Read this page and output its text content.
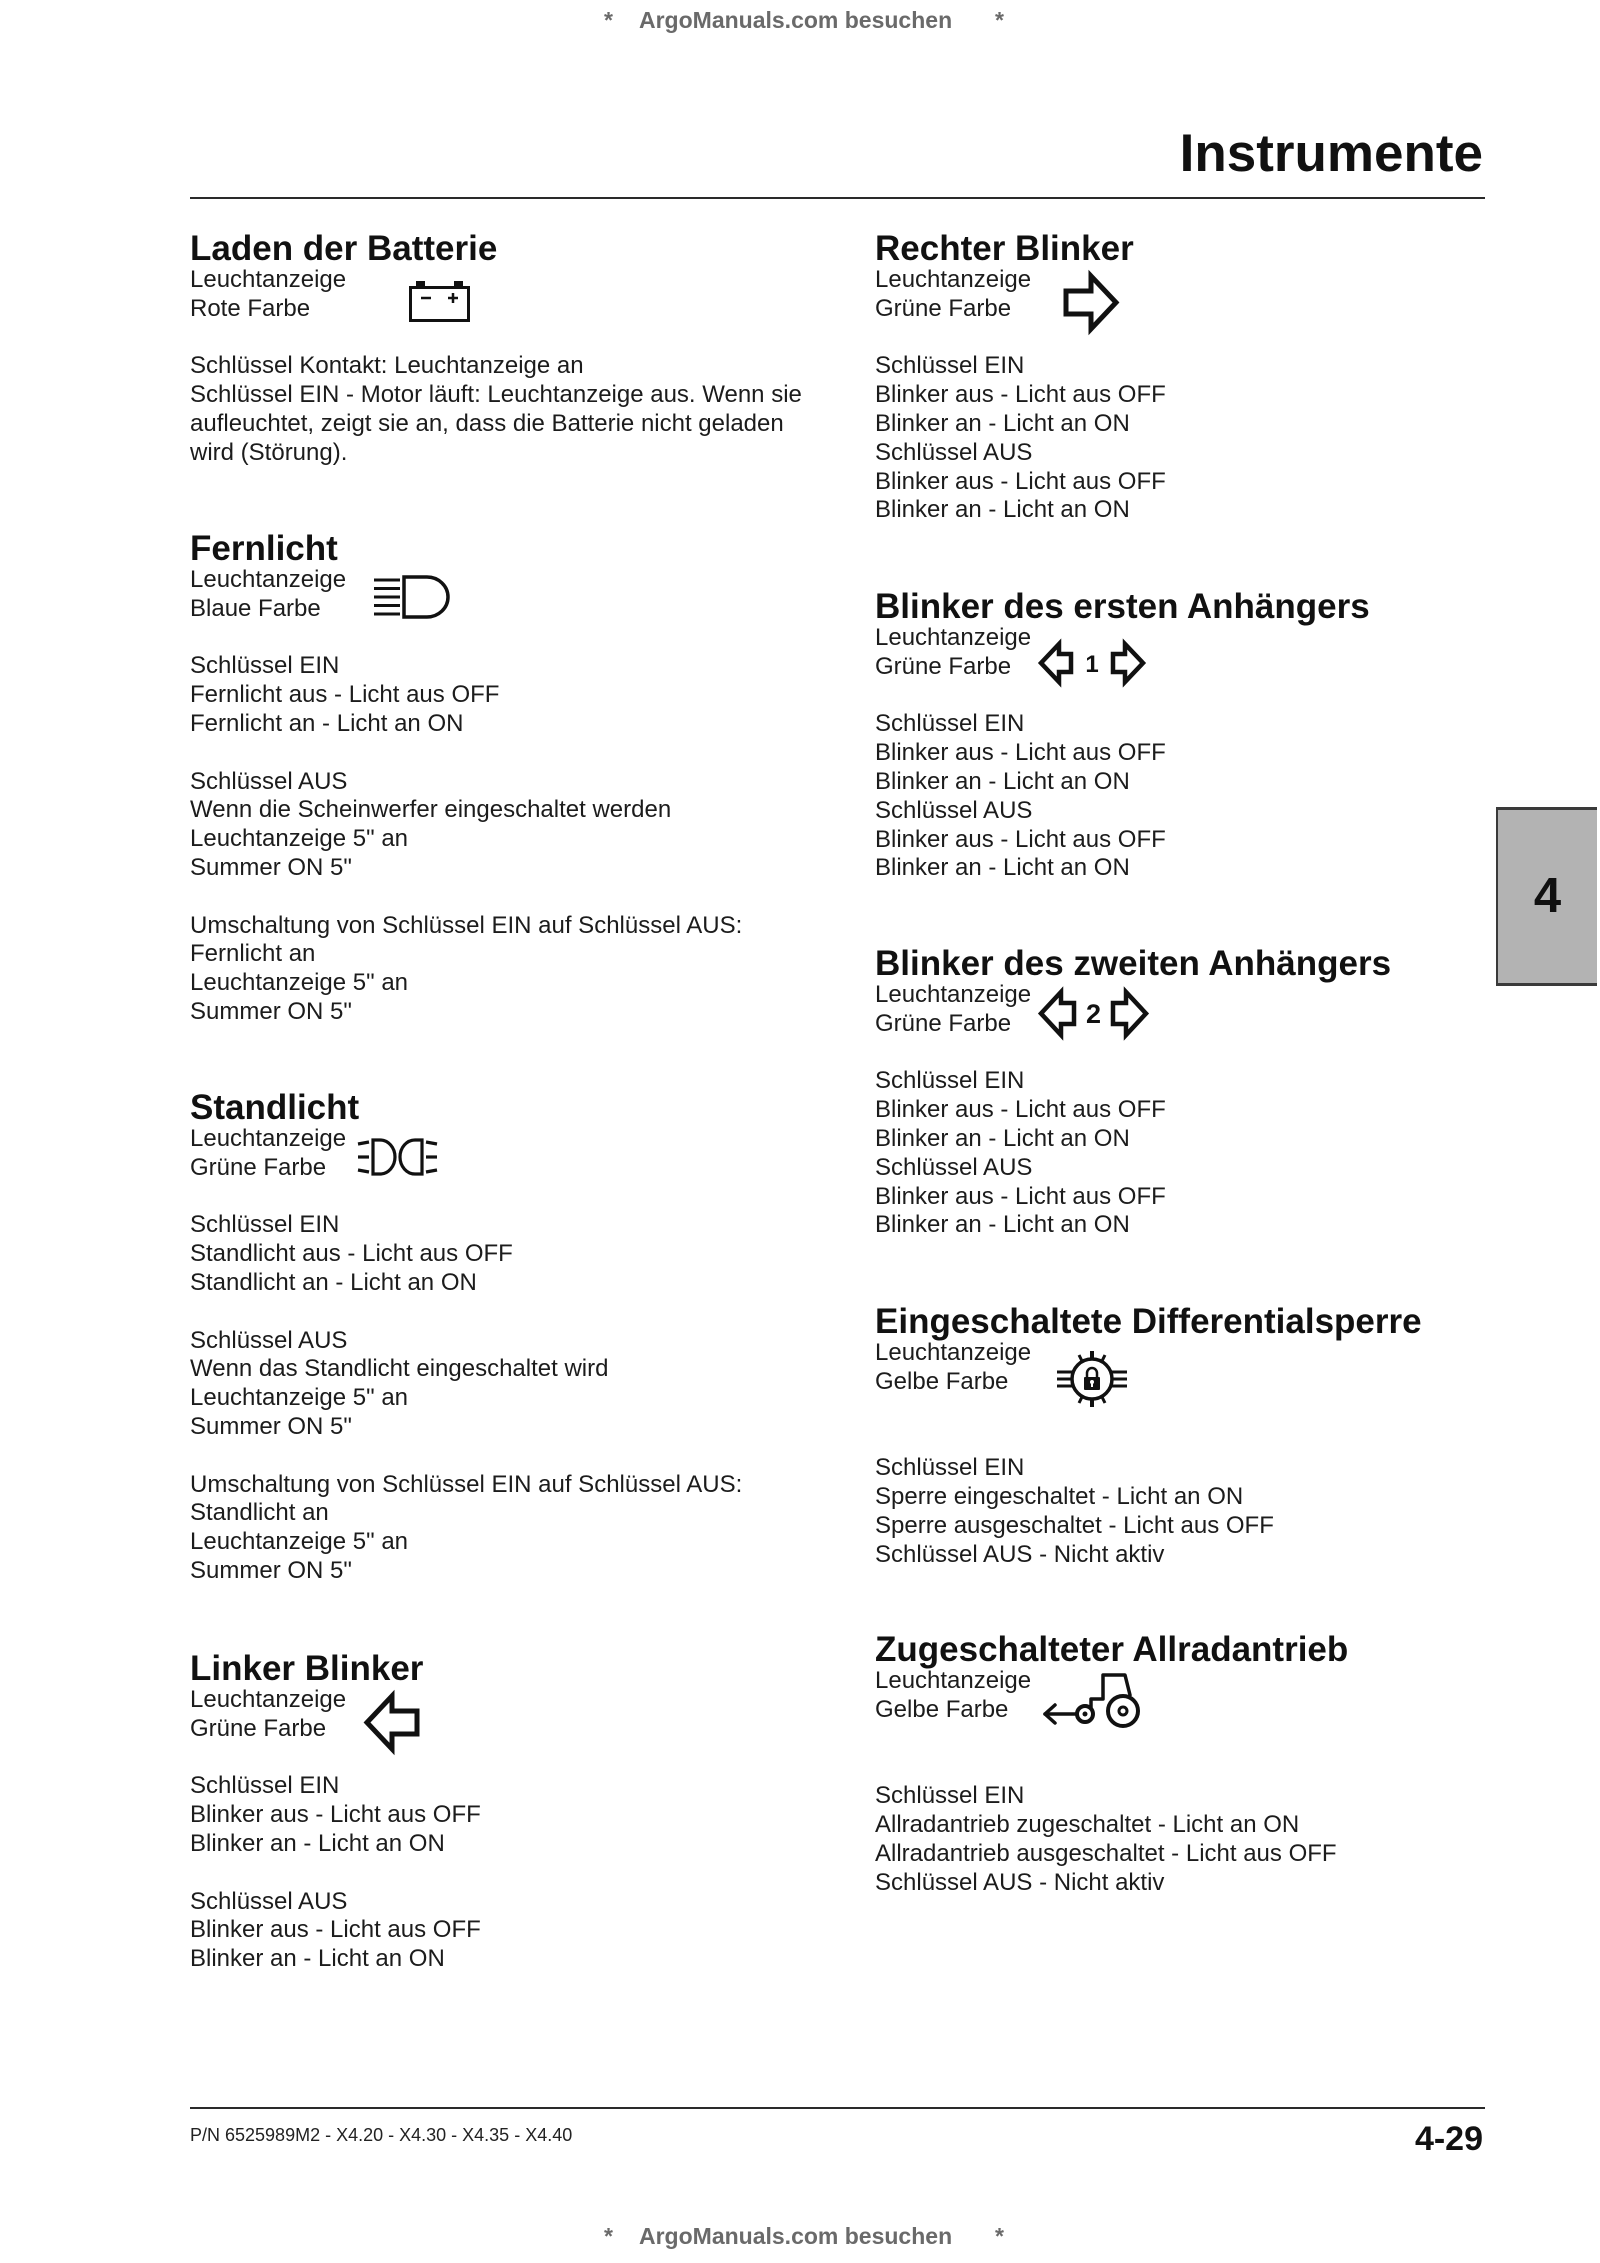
* ArgoManuals.com besuchen *
Instrumente
Laden der Batterie
Leuchtanzeige
Rote Farbe
Schlüssel Kontakt: Leuchtanzeige an
Schlüssel EIN - Motor läuft: Leuchtanzeige aus. Wenn sie
aufleuchtet, zeigt sie an, dass die Batterie nicht geladen
wird (Störung).
Fernlicht
Leuchtanzeige
Blaue Farbe
Schlüssel EIN
Fernlicht aus - Licht aus OFF
Fernlicht an - Licht an ON
Schlüssel AUS
Wenn die Scheinwerfer eingeschaltet werden
Leuchtanzeige 5" an
Summer ON 5"
Umschaltung von Schlüssel EIN auf Schlüssel AUS:
Fernlicht an
Leuchtanzeige 5" an
Summer ON 5"
Standlicht
Leuchtanzeige
Grüne Farbe
Schlüssel EIN
Standlicht aus - Licht aus OFF
Standlicht an - Licht an ON
Schlüssel AUS
Wenn das Standlicht eingeschaltet wird
Leuchtanzeige 5" an
Summer ON 5"
Umschaltung von Schlüssel EIN auf Schlüssel AUS:
Standlicht an
Leuchtanzeige 5" an
Summer ON 5"
Linker Blinker
Leuchtanzeige
Grüne Farbe
Schlüssel EIN
Blinker aus - Licht aus OFF
Blinker an - Licht an ON
Schlüssel AUS
Blinker aus - Licht aus OFF
Blinker an - Licht an ON
Rechter Blinker
Leuchtanzeige
Grüne Farbe
Schlüssel EIN
Blinker aus - Licht aus OFF
Blinker an - Licht an ON
Schlüssel AUS
Blinker aus - Licht aus OFF
Blinker an - Licht an ON
Blinker des ersten Anhängers
Leuchtanzeige
Grüne Farbe
Schlüssel EIN
Blinker aus - Licht aus OFF
Blinker an - Licht an ON
Schlüssel AUS
Blinker aus - Licht aus OFF
Blinker an - Licht an ON
1
Blinker des zweiten Anhängers
Leuchtanzeige
Grüne Farbe
Schlüssel EIN
Blinker aus - Licht aus OFF
Blinker an - Licht an ON
Schlüssel AUS
Blinker aus - Licht aus OFF
Blinker an - Licht an ON
2
Eingeschaltete Differentialsperre
Leuchtanzeige
Gelbe Farbe
Schlüssel EIN
Sperre eingeschaltet - Licht an ON
Sperre ausgeschaltet - Licht aus OFF
Schlüssel AUS - Nicht aktiv
Zugeschalteter Allradantrieb
Leuchtanzeige
Gelbe Farbe
Schlüssel EIN
Allradantrieb zugeschaltet - Licht an ON
Allradantrieb ausgeschaltet - Licht aus OFF
Schlüssel AUS - Nicht aktiv
4
P/N 6525989M2 - X4.20 - X4.30 - X4.35 - X4.40	4-29
* ArgoManuals.com besuchen *
